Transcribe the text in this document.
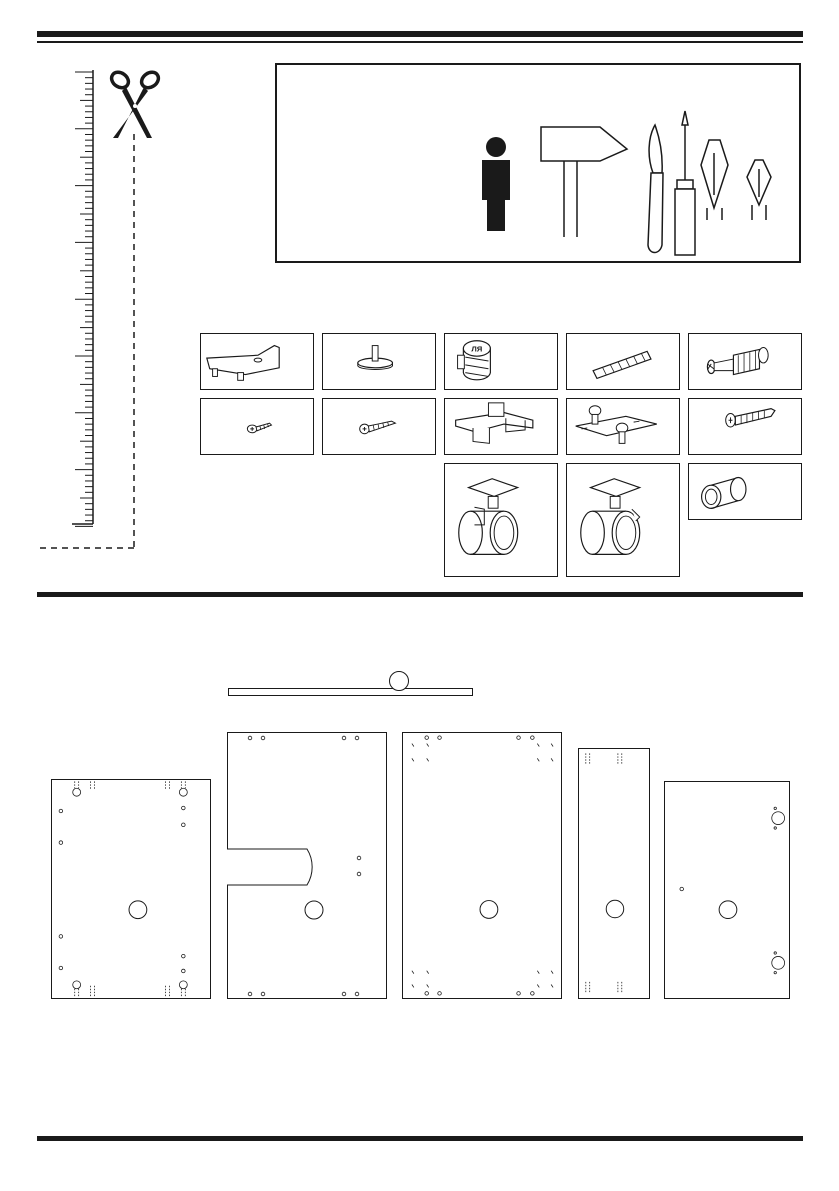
ЛЯ
